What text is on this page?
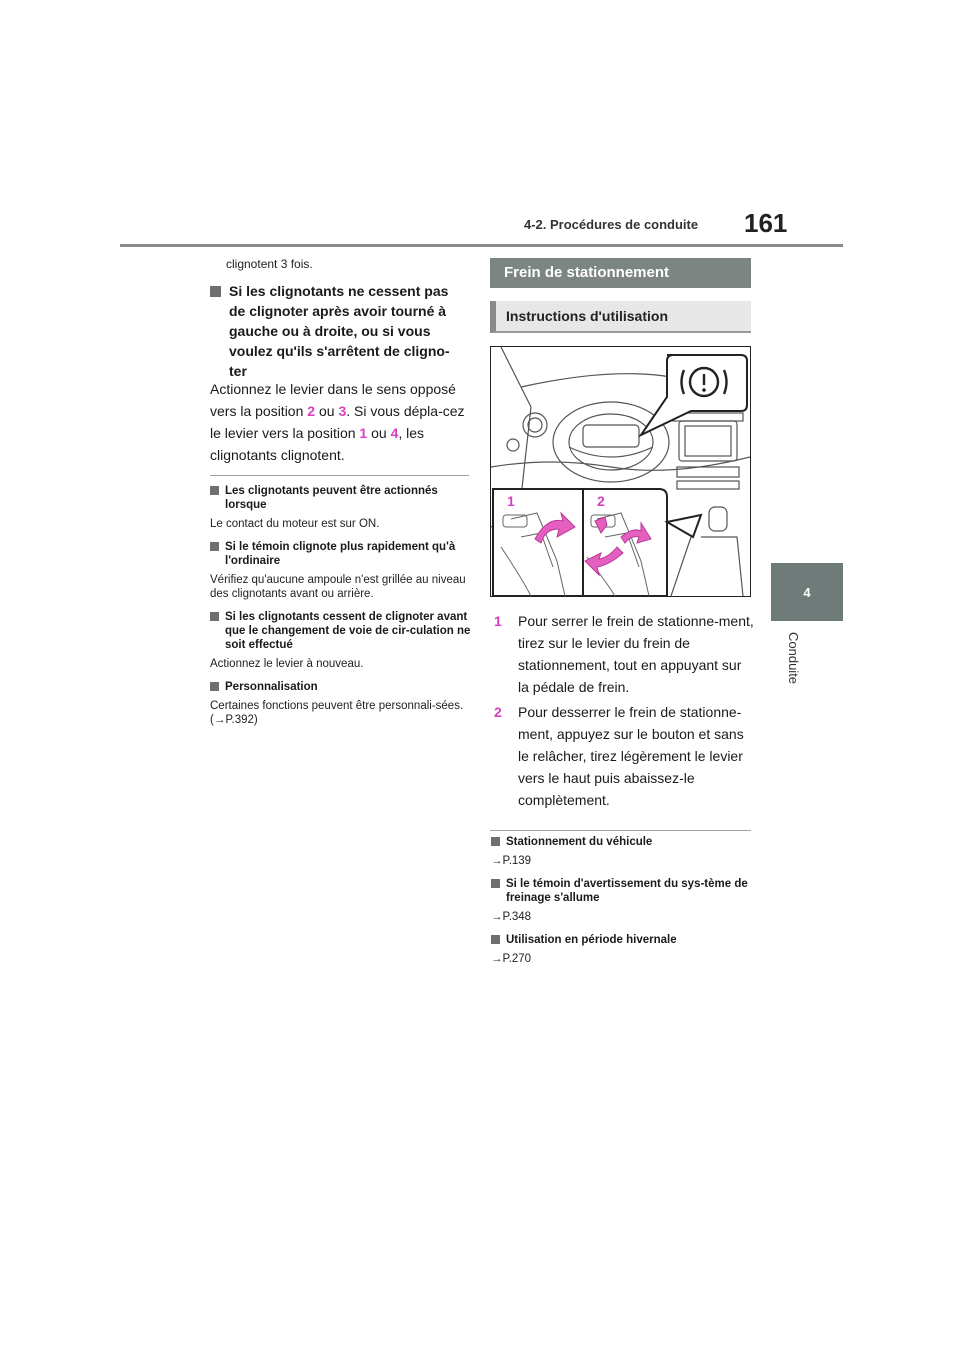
4-2. Procédures de conduite 161
4
Conduite
clignotent 3 fois.
Si les clignotants ne cessent pas
de clignoter après avoir tourné à
gauche ou à droite, ou si vous
voulez qu'ils s'arrêtent de cligno-
ter
Actionnez le levier dans le sens opposé vers la position 2 ou 3. Si vous dépla-cez le levier vers la position 1 ou 4, les clignotants clignotent.
Les clignotants peuvent être actionnés lorsque
Le contact du moteur est sur ON.
Si le témoin clignote plus rapidement qu'à l'ordinaire
Vérifiez qu'aucune ampoule n'est grillée au niveau des clignotants avant ou arrière.
Si les clignotants cessent de clignoter avant que le changement de voie de cir-culation ne soit effectué
Actionnez le levier à nouveau.
Personnalisation
Certaines fonctions peuvent être personnali-sées. (→P.392)
Frein de stationnement
Instructions d'utilisation
1	2
1 Pour serrer le frein de stationne-ment, tirez sur le levier du frein de stationnement, tout en appuyant sur la pédale de frein.
2 Pour desserrer le frein de stationne-ment, appuyez sur le bouton et sans le relâcher, tirez légèrement le levier vers le haut puis abaissez-le complètement.
Stationnement du véhicule
→P.139
Si le témoin d'avertissement du sys-tème de freinage s'allume
→P.348
Utilisation en période hivernale
→P.270
